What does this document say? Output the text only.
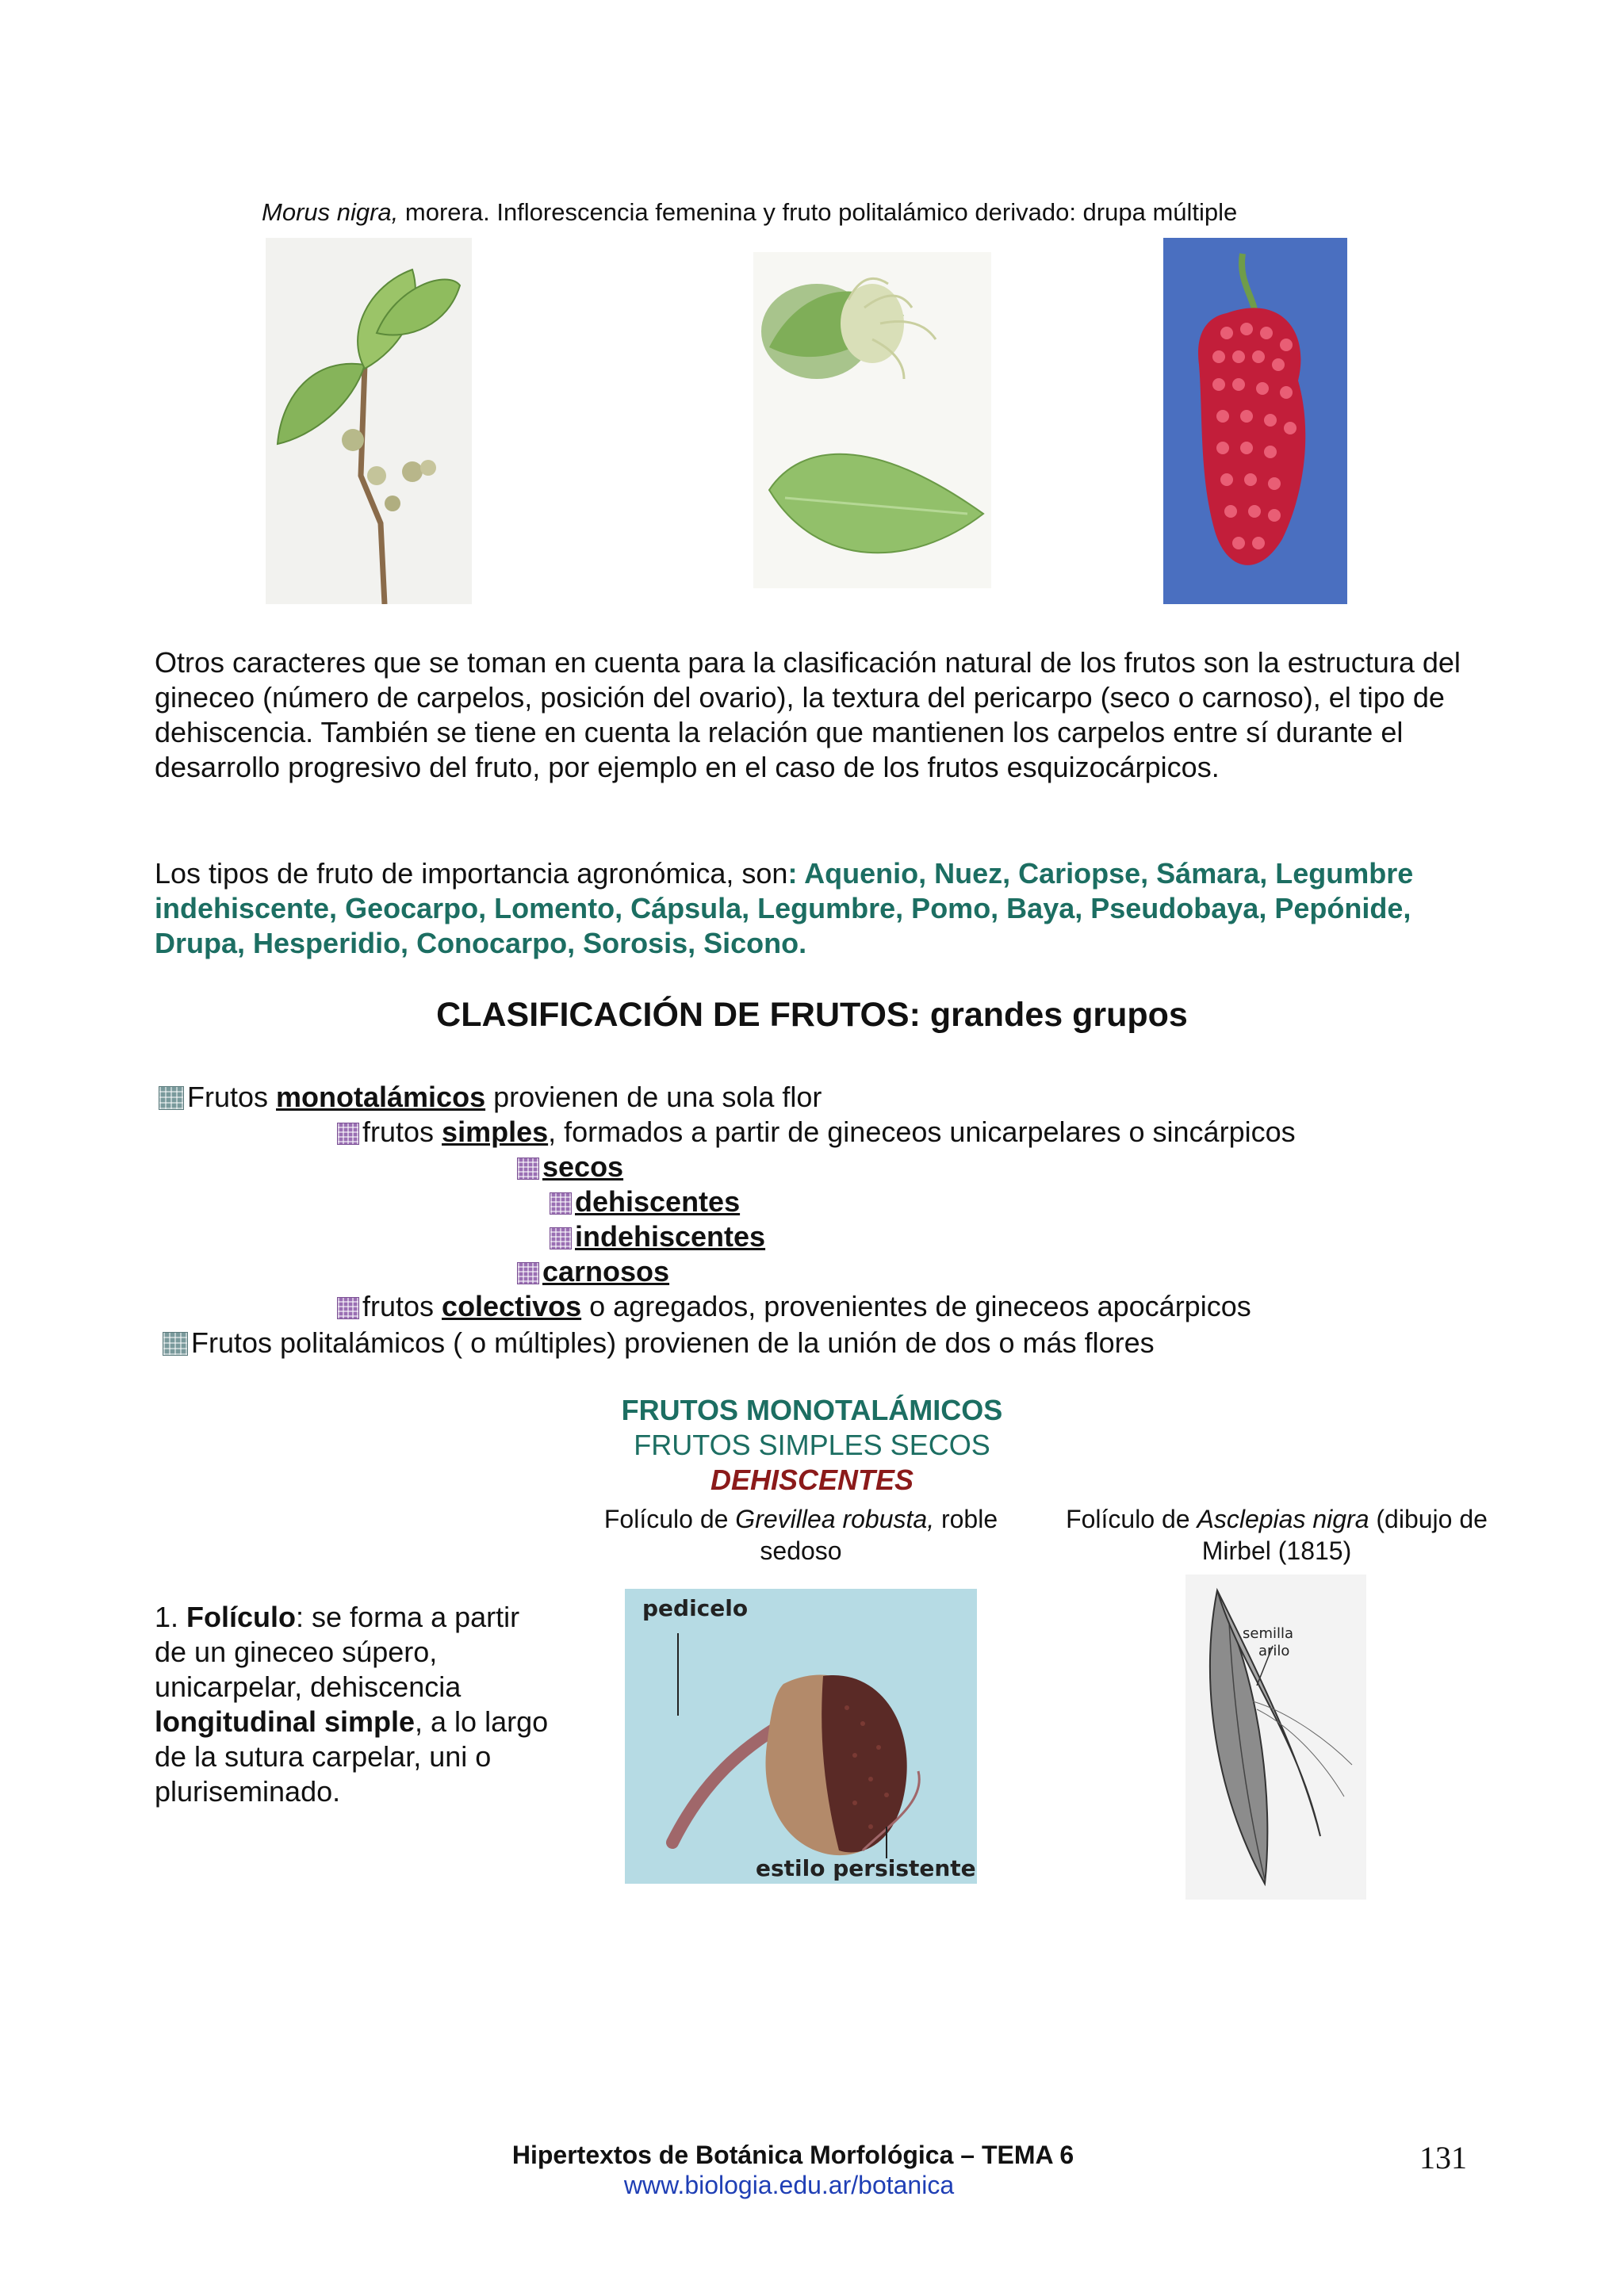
Morus nigra, morera. Inflorescencia femenina y fruto politalámico derivado: drupa múltiple
Otros caracteres que se toman en cuenta para la clasificación natural de los frutos son la estructura del gineceo (número de carpelos, posición del ovario), la textura del pericarpo (seco o carnoso), el tipo de dehiscencia. También se tiene en cuenta la relación que mantienen los carpelos entre sí durante el desarrollo progresivo del fruto, por ejemplo en el caso de los frutos esquizocárpicos.
Los tipos de fruto de importancia agronómica, son: Aquenio, Nuez, Cariopse, Sámara, Legumbre indehiscente, Geocarpo, Lomento, Cápsula, Legumbre, Pomo, Baya, Pseudobaya, Pepónide, Drupa, Hesperidio, Conocarpo, Sorosis, Sicono.
CLASIFICACIÓN DE FRUTOS: grandes grupos
Frutos monotalámicos provienen de una sola flor
frutos simples, formados a partir de gineceos unicarpelares o sincárpicos
secos
dehiscentes
indehiscentes
carnosos
frutos colectivos o agregados, provenientes de gineceos apocárpicos
Frutos politalámicos ( o múltiples) provienen de la unión de dos o más flores
FRUTOS MONOTALÁMICOS
FRUTOS SIMPLES SECOS
DEHISCENTES
Folículo de Grevillea robusta, roble sedoso
Folículo de Asclepias nigra (dibujo de Mirbel (1815)
1. Folículo: se forma a partir de un gineceo súpero, unicarpelar, dehiscencia longitudinal simple, a lo largo de la sutura carpelar, uni o pluriseminado.
pedicelo
estilo persistente
semilla
arilo
Hipertextos de Botánica Morfológica – TEMA 6
www.biologia.edu.ar/botanica
131
